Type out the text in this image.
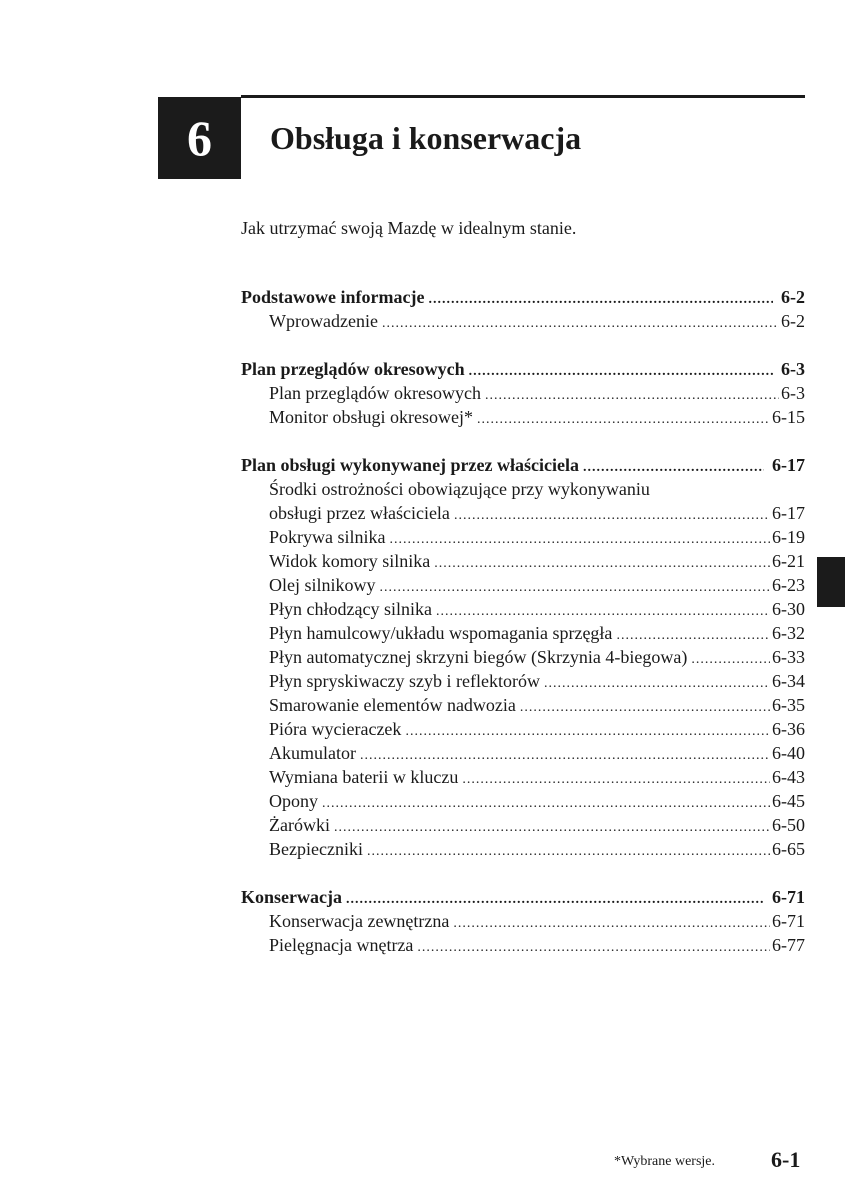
6 Obsługa i konserwacja
Jak utrzymać swoją Mazdę w idealnym stanie.
Podstawowe informacje .....	6-2
Wprowadzenie .....	6-2
Plan przeglądów okresowych .....	6-3
Plan przeglądów okresowych .....	6-3
Monitor obsługi okresowej* .....	6-15
Plan obsługi wykonywanej przez właściciela .....	6-17
Środki ostrożności obowiązujące przy wykonywaniu
obsługi przez właściciela .....	6-17
Pokrywa silnika .....	6-19
Widok komory silnika .....	6-21
Olej silnikowy .....	6-23
Płyn chłodzący silnika .....	6-30
Płyn hamulcowy/układu wspomagania sprzęgła .....	6-32
Płyn automatycznej skrzyni biegów (Skrzynia 4-biegowa) .....	6-33
Płyn spryskiwaczy szyb i reflektorów .....	6-34
Smarowanie elementów nadwozia .....	6-35
Pióra wycieraczek .....	6-36
Akumulator .....	6-40
Wymiana baterii w kluczu .....	6-43
Opony .....	6-45
Żarówki .....	6-50
Bezpieczniki .....	6-65
Konserwacja .....	6-71
Konserwacja zewnętrzna .....	6-71
Pielęgnacja wnętrza .....	6-77
*Wybrane wersje.	6-1
